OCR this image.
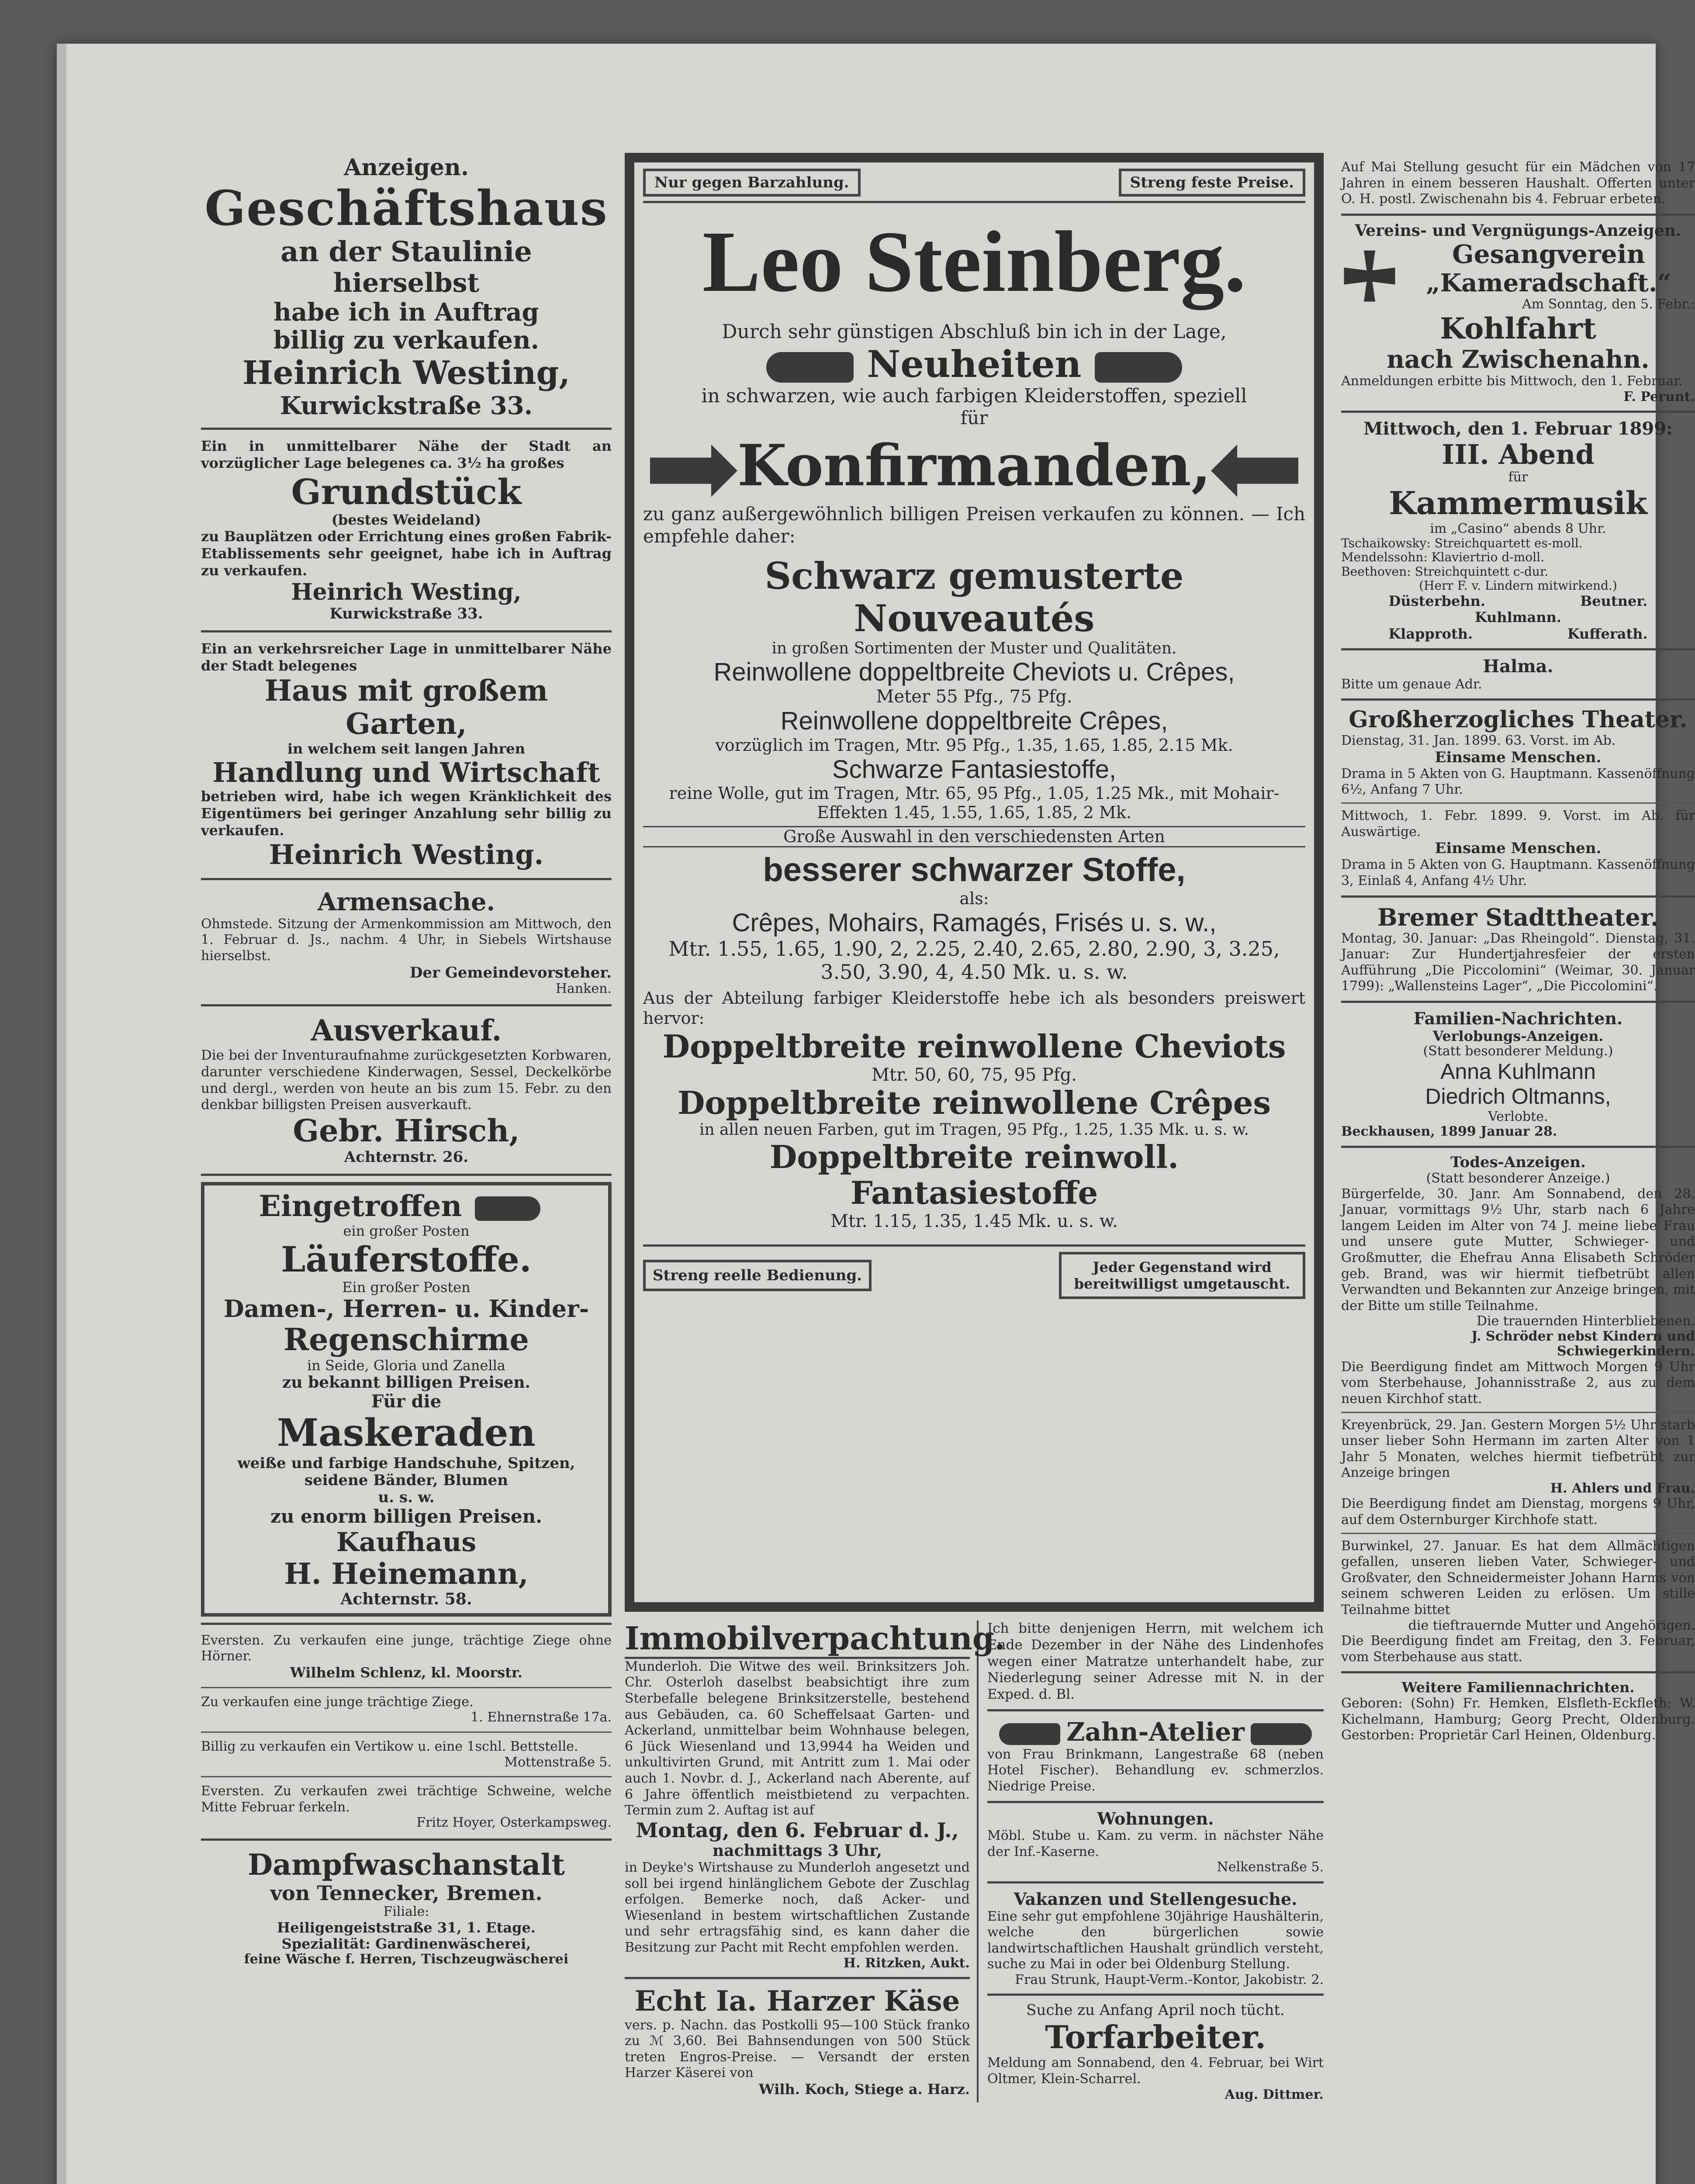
Anzeigen.

Geschäftshaus

an der Staulinie

hierselbst

habe ich in Auftrag

billig zu verkaufen.

Heinrich Westing,

Kurwickstraße 33.

Ein in unmittelbarer Nähe der Stadt an vorzüglicher Lage belegenes ca. 3½ ha großes

Grundstück

(bestes Weideland)

zu Bauplätzen oder Errichtung eines großen Fabrik-Etablissements sehr geeignet, habe ich in Auftrag zu verkaufen.

Heinrich Westing,

Kurwickstraße 33.

Ein an verkehrsreicher Lage in unmittelbarer Nähe der Stadt belegenes

Haus mit großem Garten,

in welchem seit langen Jahren

Handlung und Wirtschaft

betrieben wird, habe ich wegen Kränklichkeit des Eigentümers bei geringer Anzahlung sehr billig zu verkaufen.

Heinrich Westing.

Armensache.

Ohmstede. Sitzung der Armenkommission am Mittwoch, den 1. Februar d. Js., nachm. 4 Uhr, in Siebels Wirtshause hierselbst.

Der Gemeindevorsteher.

Hanken.

Ausverkauf.

Die bei der Inventuraufnahme zurückgesetzten Korbwaren, darunter verschiedene Kinderwagen, Sessel, Deckelkörbe und dergl., werden von heute an bis zum 15. Febr. zu den denkbar billigsten Preisen ausverkauft.

Gebr. Hirsch,

Achternstr. 26.

Eingetroffen

ein großer Posten

Läuferstoffe.

Ein großer Posten

Damen-, Herren- u. Kinder-

Regenschirme

in Seide, Gloria und Zanella

zu bekannt billigen Preisen.

Für die

Maskeraden

weiße und farbige Handschuhe, Spitzen, seidene Bänder, Blumen

u. s. w.

zu enorm billigen Preisen.

Kaufhaus

H. Heinemann,

Achternstr. 58.

Eversten. Zu verkaufen eine junge, trächtige Ziege ohne Hörner.

Wilhelm Schlenz, kl. Moorstr.

Zu verkaufen eine junge trächtige Ziege.

1. Ehnernstraße 17a.

Billig zu verkaufen ein Vertikow u. eine 1schl. Bettstelle.

Mottenstraße 5.

Eversten. Zu verkaufen zwei trächtige Schweine, welche Mitte Februar ferkeln.

Fritz Hoyer, Osterkampsweg.

Dampfwaschanstalt

von Tennecker, Bremen.

Filiale:

Heiligengeiststraße 31, 1. Etage.

Spezialität: Gardinenwäscherei,

feine Wäsche f. Herren, Tischzeugwäscherei

Nur gegen Barzahlung.	Streng feste Preise.

Leo Steinberg.

Durch sehr günstigen Abschluß bin ich in der Lage,

Neuheiten

in schwarzen, wie auch farbigen Kleiderstoffen, speziell

für

Konfirmanden,

zu ganz außergewöhnlich billigen Preisen verkaufen zu können. — Ich empfehle daher:

Schwarz gemusterte Nouveautés

in großen Sortimenten der Muster und Qualitäten.

Reinwollene doppeltbreite Cheviots u. Crêpes,

Meter 55 Pfg., 75 Pfg.

Reinwollene doppeltbreite Crêpes,

vorzüglich im Tragen, Mtr. 95 Pfg., 1.35, 1.65, 1.85, 2.15 Mk.

Schwarze Fantasiestoffe,

reine Wolle, gut im Tragen, Mtr. 65, 95 Pfg., 1.05, 1.25 Mk., mit Mohair-Effekten 1.45, 1.55, 1.65, 1.85, 2 Mk.

Große Auswahl in den verschiedensten Arten

besserer schwarzer Stoffe,

als:

Crêpes, Mohairs, Ramagés, Frisés u. s. w.,

Mtr. 1.55, 1.65, 1.90, 2, 2.25, 2.40, 2.65, 2.80, 2.90, 3, 3.25, 3.50, 3.90, 4, 4.50 Mk. u. s. w.

Aus der Abteilung farbiger Kleiderstoffe hebe ich als besonders preiswert hervor:

Doppeltbreite reinwollene Cheviots

Mtr. 50, 60, 75, 95 Pfg.

Doppeltbreite reinwollene Crêpes

in allen neuen Farben, gut im Tragen, 95 Pfg., 1.25, 1.35 Mk. u. s. w.

Doppeltbreite reinwoll. Fantasiestoffe

Mtr. 1.15, 1.35, 1.45 Mk. u. s. w.

Streng reelle Bedienung.	Jeder Gegenstand wird bereitwilligst umgetauscht.

Immobilverpachtung.

Munderloh. Die Witwe des weil. Brinksitzers Joh. Chr. Osterloh daselbst beabsichtigt ihre zum Sterbefalle belegene Brinksitzerstelle, bestehend aus Gebäuden, ca. 60 Scheffelsaat Garten- und Ackerland, unmittelbar beim Wohnhause belegen, 6 Jück Wiesenland und 13,9944 ha Weiden und unkultivirten Grund, mit Antritt zum 1. Mai oder auch 1. Novbr. d. J., Ackerland nach Aberente, auf 6 Jahre öffentlich meistbietend zu verpachten. Termin zum 2. Auftag ist auf

Montag, den 6. Februar d. J.,

nachmittags 3 Uhr,

in Deyke's Wirtshause zu Munderloh angesetzt und soll bei irgend hinlänglichem Gebote der Zuschlag erfolgen. Bemerke noch, daß Acker- und Wiesenland in bestem wirtschaftlichen Zustande und sehr ertragsfähig sind, es kann daher die Besitzung zur Pacht mit Recht empfohlen werden.

H. Ritzken, Aukt.

Echt Ia. Harzer Käse

vers. p. Nachn. das Postkolli 95—100 Stück franko zu ℳ 3,60. Bei Bahnsendungen von 500 Stück treten Engros-Preise. — Versandt der ersten Harzer Käserei von

Wilh. Koch, Stiege a. Harz.

Ich bitte denjenigen Herrn, mit welchem ich Ende Dezember in der Nähe des Lindenhofes wegen einer Matratze unterhandelt habe, zur Niederlegung seiner Adresse mit N. in der Exped. d. Bl.

Zahn-Atelier

von Frau Brinkmann, Langestraße 68 (neben Hotel Fischer). Behandlung ev. schmerzlos. Niedrige Preise.

Wohnungen.

Möbl. Stube u. Kam. zu verm. in nächster Nähe der Inf.-Kaserne.

Nelkenstraße 5.

Vakanzen und Stellengesuche.

Eine sehr gut empfohlene 30jährige Haushälterin, welche den bürgerlichen sowie landwirtschaftlichen Haushalt gründlich versteht, suche zu Mai in oder bei Oldenburg Stellung.

Frau Strunk, Haupt-Verm.-Kontor, Jakobistr. 2.

Suche zu Anfang April noch tücht.

Torfarbeiter.

Meldung am Sonnabend, den 4. Februar, bei Wirt Oltmer, Klein-Scharrel.

Aug. Dittmer.

Auf Mai Stellung gesucht für ein Mädchen von 17 Jahren in einem besseren Haushalt. Offerten unter O. H. postl. Zwischenahn bis 4. Februar erbeten.

Vereins- und Vergnügungs-Anzeigen.

Gesangverein

„Kameradschaft.“

Am Sonntag, den 5. Febr.:

Kohlfahrt

nach Zwischenahn.

Anmeldungen erbitte bis Mittwoch, den 1. Februar.

F. Perunt.

Mittwoch, den 1. Februar 1899:

III. Abend

für

Kammermusik

im „Casino“ abends 8 Uhr.

Tschaikowsky: Streichquartett es-moll.

Mendelssohn: Klaviertrio d-moll.

Beethoven: Streichquintett c-dur.

(Herr F. v. Lindern mitwirkend.)

Düsterbehn.	Beutner.

Kuhlmann.

Klapproth.	Kufferath.

Halma.

Bitte um genaue Adr.

Großherzogliches Theater.

Dienstag, 31. Jan. 1899. 63. Vorst. im Ab.

Einsame Menschen.

Drama in 5 Akten von G. Hauptmann. Kassenöffnung 6½, Anfang 7 Uhr.

Mittwoch, 1. Febr. 1899. 9. Vorst. im Ab. für Auswärtige.

Einsame Menschen.

Drama in 5 Akten von G. Hauptmann. Kassenöffnung 3, Einlaß 4, Anfang 4½ Uhr.

Bremer Stadttheater.

Montag, 30. Januar: „Das Rheingold“. Dienstag, 31. Januar: Zur Hundertjahresfeier der ersten Aufführung „Die Piccolomini“ (Weimar, 30. Januar 1799): „Wallensteins Lager“, „Die Piccolomini“.

Familien-Nachrichten.

Verlobungs-Anzeigen.

(Statt besonderer Meldung.)

Anna Kuhlmann

Diedrich Oltmanns,

Verlobte.

Beckhausen, 1899 Januar 28.

Todes-Anzeigen.

(Statt besonderer Anzeige.)

Bürgerfelde, 30. Janr. Am Sonnabend, den 28. Januar, vormittags 9½ Uhr, starb nach 6 Jahre langem Leiden im Alter von 74 J. meine liebe Frau und unsere gute Mutter, Schwieger- und Großmutter, die Ehefrau Anna Elisabeth Schröder geb. Brand, was wir hiermit tiefbetrübt allen Verwandten und Bekannten zur Anzeige bringen, mit der Bitte um stille Teilnahme.

Die trauernden Hinterbliebenen.

J. Schröder nebst Kindern und Schwiegerkindern.

Die Beerdigung findet am Mittwoch Morgen 9 Uhr vom Sterbehause, Johannisstraße 2, aus zu dem neuen Kirchhof statt.

Kreyenbrück, 29. Jan. Gestern Morgen 5½ Uhr starb unser lieber Sohn Hermann im zarten Alter von 1 Jahr 5 Monaten, welches hiermit tiefbetrübt zur Anzeige bringen

H. Ahlers und Frau.

Die Beerdigung findet am Dienstag, morgens 9 Uhr, auf dem Osternburger Kirchhofe statt.

Burwinkel, 27. Januar. Es hat dem Allmächtigen gefallen, unseren lieben Vater, Schwieger- und Großvater, den Schneidermeister Johann Harms von seinem schweren Leiden zu erlösen. Um stille Teilnahme bittet

die tieftrauernde Mutter und Angehörigen.

Die Beerdigung findet am Freitag, den 3. Februar, vom Sterbehause aus statt.

Weitere Familiennachrichten.

Geboren: (Sohn) Fr. Hemken, Elsfleth-Eckfleth; W. Kichelmann, Hamburg; Georg Precht, Oldenburg. Gestorben: Proprietär Carl Heinen, Oldenburg.
